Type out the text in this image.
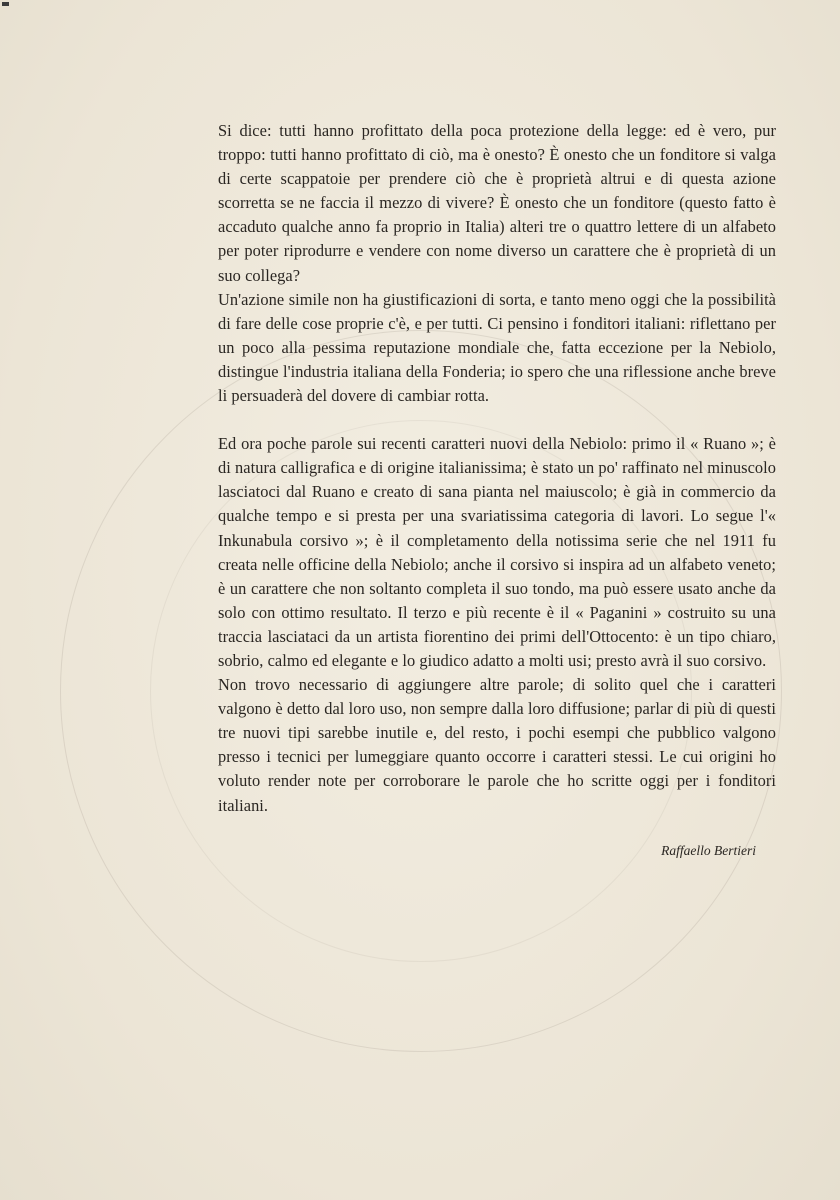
Si dice: tutti hanno profittato della poca protezione della legge: ed è vero, pur troppo: tutti hanno profittato di ciò, ma è onesto? È onesto che un fonditore si valga di certe scappatoie per prendere ciò che è proprietà altrui e di questa azione scorretta se ne faccia il mezzo di vivere? È onesto che un fonditore (questo fatto è accaduto qualche anno fa proprio in Italia) alteri tre o quattro lettere di un alfabeto per poter riprodurre e vendere con nome diverso un carattere che è proprietà di un suo collega?

Un'azione simile non ha giustificazioni di sorta, e tanto meno oggi che la possibilità di fare delle cose proprie c'è, e per tutti. Ci pensino i fonditori italiani: riflettano per un poco alla pessima reputazione mondiale che, fatta eccezione per la Nebiolo, distingue l'industria italiana della Fonderia; io spero che una riflessione anche breve li persuaderà del dovere di cambiar rotta.

Ed ora poche parole sui recenti caratteri nuovi della Nebiolo: primo il « Ruano »; è di natura calligrafica e di origine italianissima; è stato un po' raffinato nel minuscolo lasciatoci dal Ruano e creato di sana pianta nel maiuscolo; è già in commercio da qualche tempo e si presta per una svariatissima categoria di lavori. Lo segue l'« Inkunabula corsivo »; è il completamento della notissima serie che nel 1911 fu creata nelle officine della Nebiolo; anche il corsivo si inspira ad un alfabeto veneto; è un carattere che non soltanto completa il suo tondo, ma può essere usato anche da solo con ottimo resultato. Il terzo e più recente è il « Paganini » costruito su una traccia lasciataci da un artista fiorentino dei primi dell'Ottocento: è un tipo chiaro, sobrio, calmo ed elegante e lo giudico adatto a molti usi; presto avrà il suo corsivo.

Non trovo necessario di aggiungere altre parole; di solito quel che i caratteri valgono è detto dal loro uso, non sempre dalla loro diffusione; parlar di più di questi tre nuovi tipi sarebbe inutile e, del resto, i pochi esempi che pubblico valgono presso i tecnici per lumeggiare quanto occorre i caratteri stessi. Le cui origini ho voluto render note per corroborare le parole che ho scritte oggi per i fonditori italiani.

Raffaello Bertieri
